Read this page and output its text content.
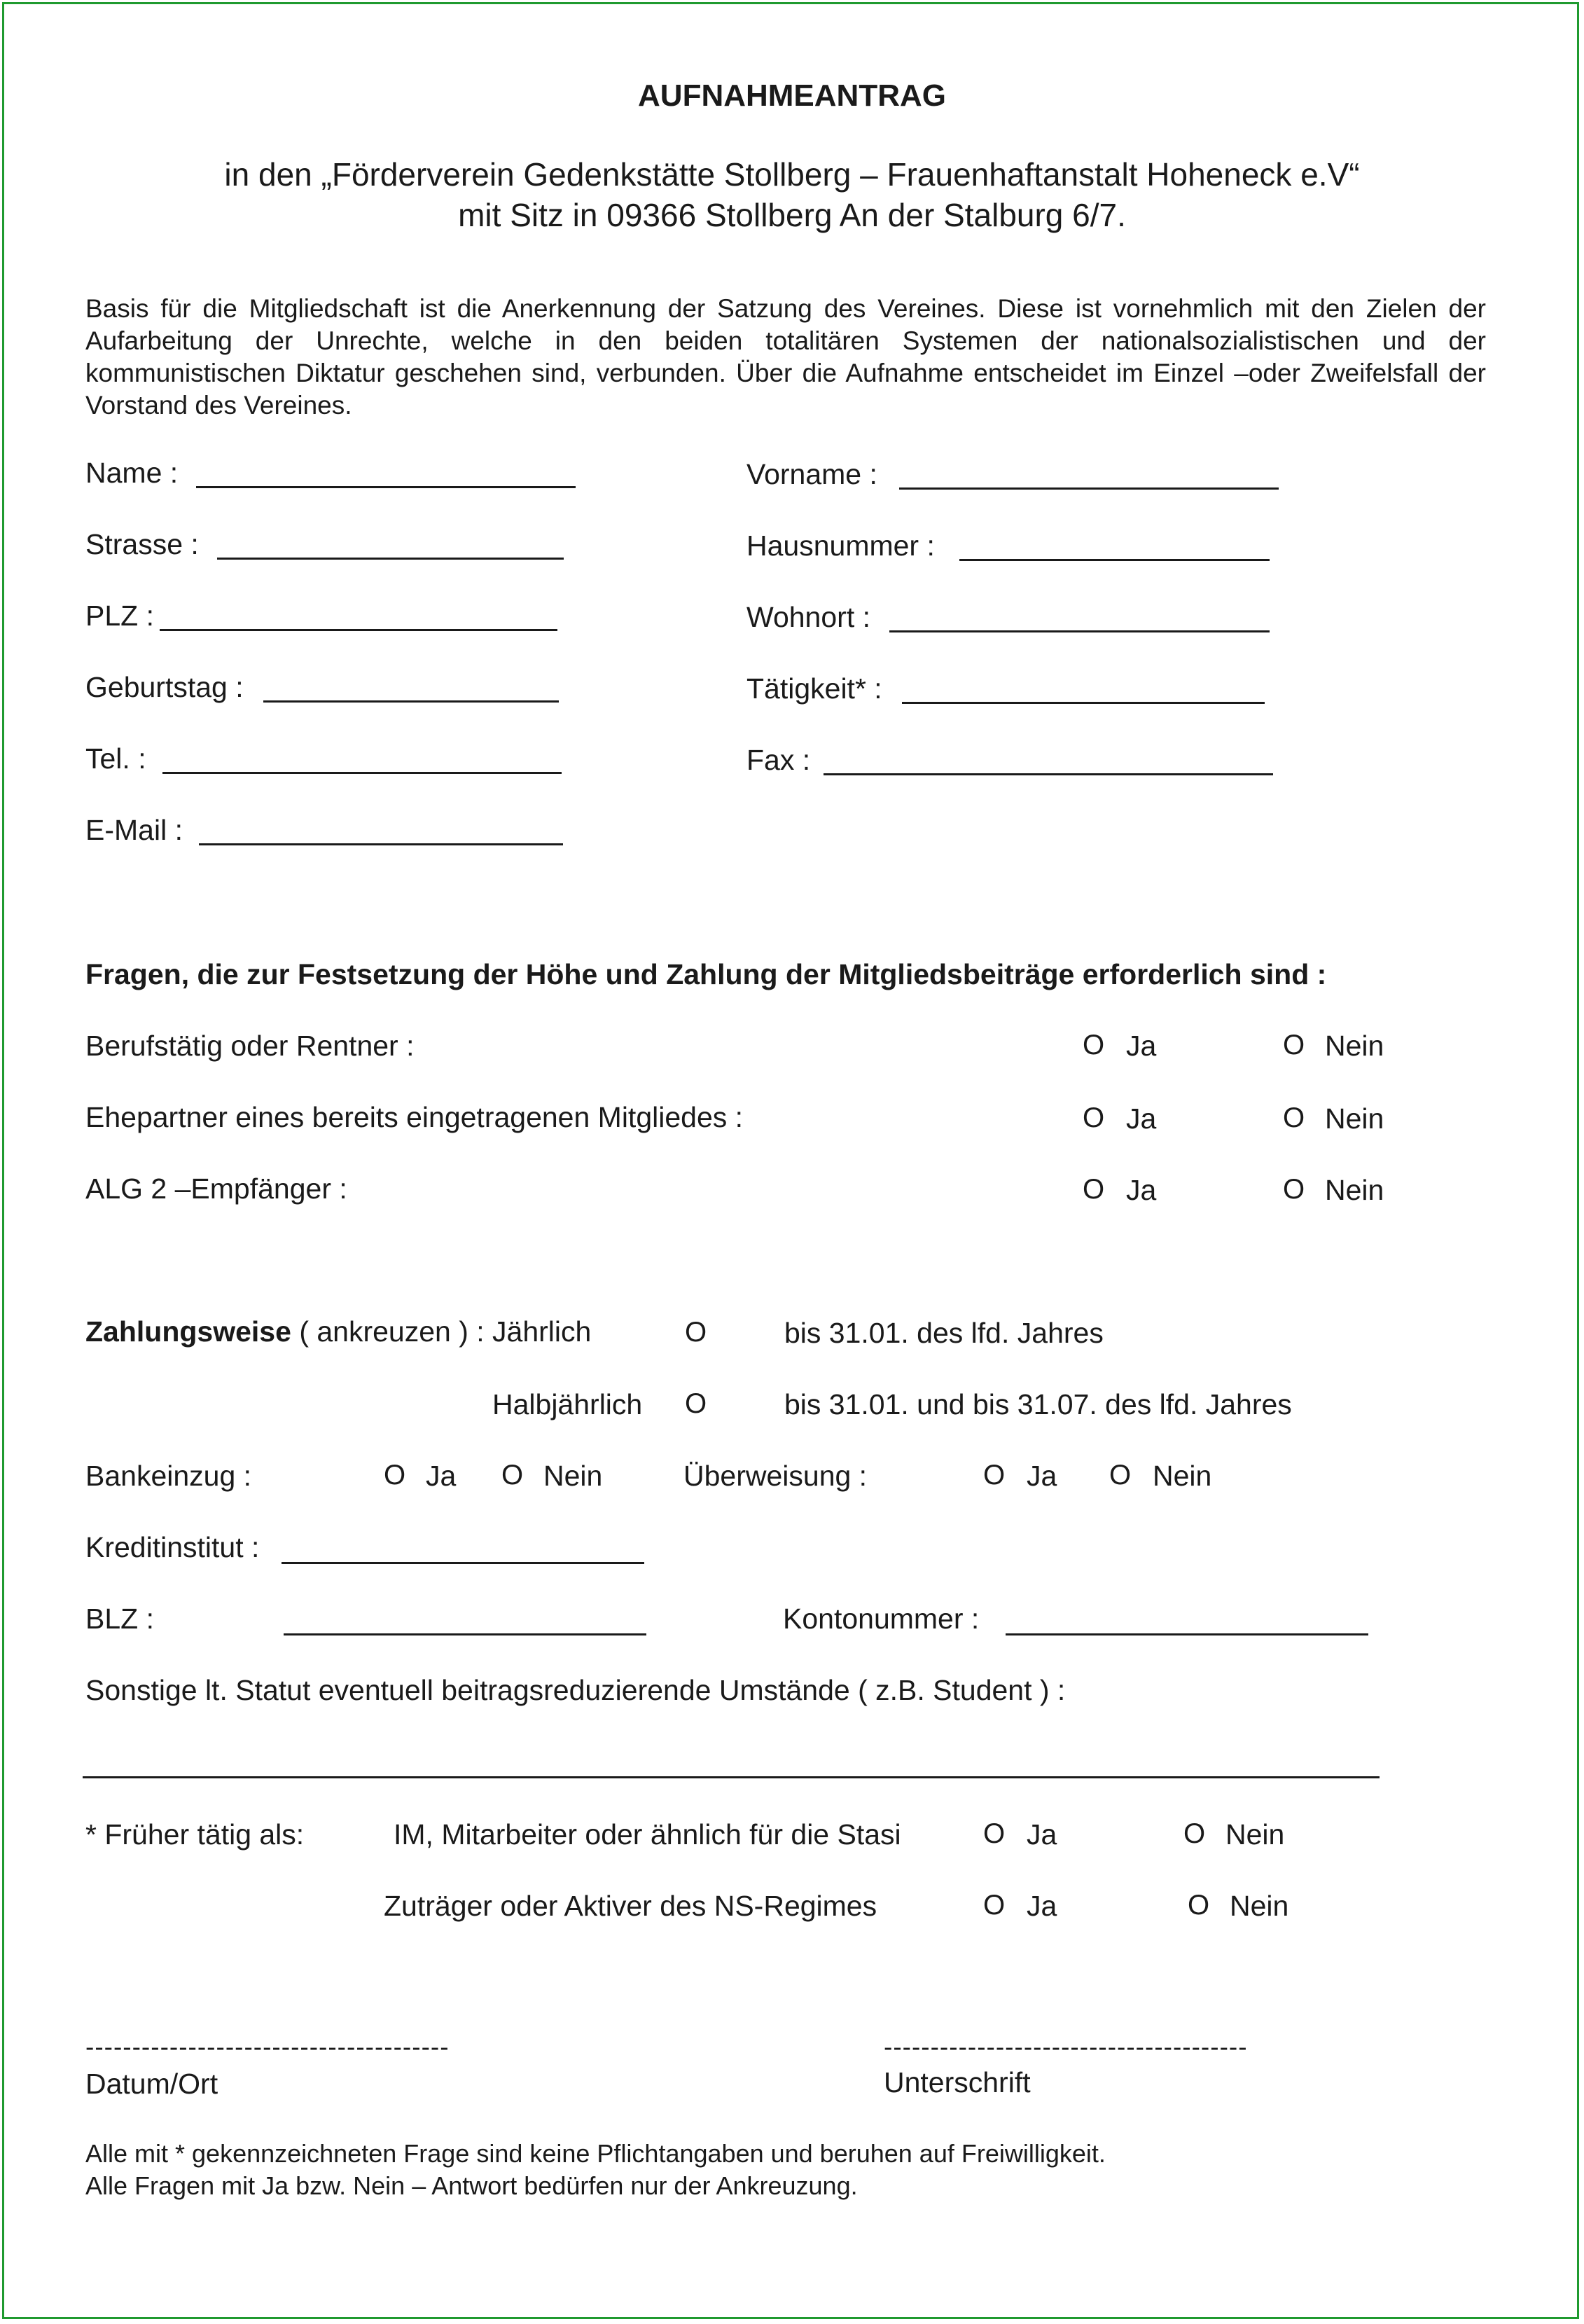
AUFNAHMEANTRAG
in den „Förderverein Gedenkstätte Stollberg – Frauenhaftanstalt Hoheneck e.V“
mit Sitz in 09366 Stollberg An der Stalburg 6/7.
Basis für die Mitgliedschaft ist die Anerkennung der Satzung des Vereines. Diese ist vornehmlich mit den Zielen der Aufarbeitung der Unrechte, welche in den beiden totalitären Systemen der nationalsozialistischen und der kommunistischen Diktatur geschehen sind, verbunden. Über die Aufnahme entscheidet im Einzel –oder Zweifelsfall der Vorstand des Vereines.
Name :	Vorname :
Strasse :	Hausnummer :
PLZ :	Wohnort :
Geburtstag :	Tätigkeit* :
Tel. :	Fax :
E-Mail :
Fragen, die zur Festsetzung der Höhe und Zahlung der Mitgliedsbeiträge erforderlich sind :
Berufstätig oder Rentner :	O Ja	O Nein
Ehepartner eines bereits eingetragenen Mitgliedes :	O Ja	O Nein
ALG 2 –Empfänger :	O Ja	O Nein
Zahlungsweise ( ankreuzen ) : Jährlich	O	bis 31.01. des lfd. Jahres
Halbjährlich O	bis 31.01. und bis 31.07. des lfd. Jahres
Bankeinzug :	O Ja O Nein	Überweisung :	O Ja O Nein
Kreditinstitut :
BLZ :	Kontonummer :
Sonstige lt. Statut eventuell beitragsreduzierende Umstände ( z.B. Student ) :
* Früher tätig als:	IM, Mitarbeiter oder ähnlich für die Stasi	O Ja	O Nein
Zuträger oder Aktiver des NS-Regimes	O Ja	O Nein
---------------------------------------
Datum/Ort
---------------------------------------
Unterschrift
Alle mit * gekennzeichneten Frage sind keine Pflichtangaben und beruhen auf Freiwilligkeit.
Alle Fragen mit Ja bzw. Nein – Antwort bedürfen nur der Ankreuzung.
